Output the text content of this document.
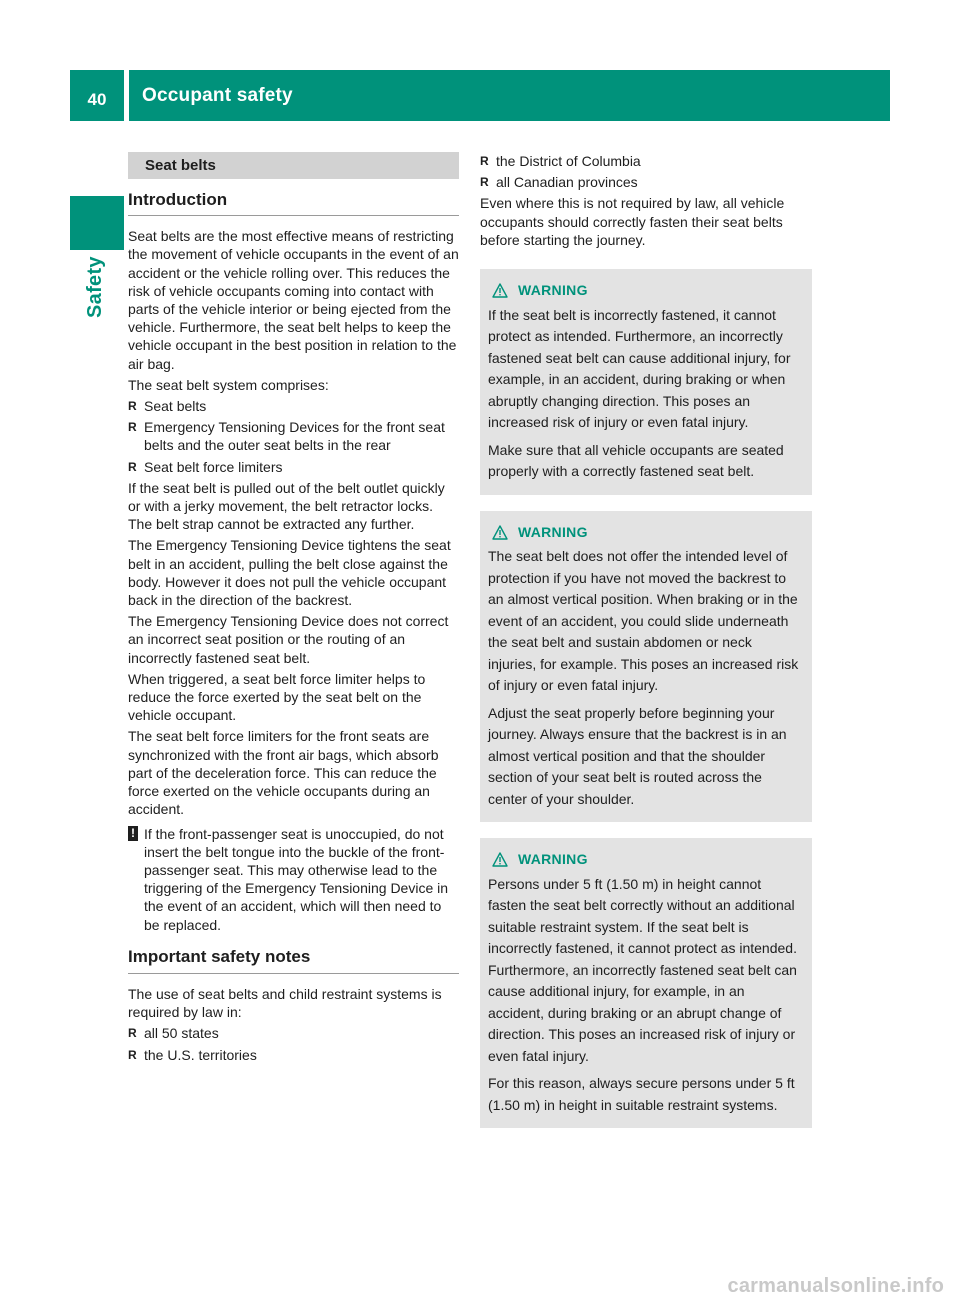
40	Occupant safety
Safety
Seat belts
Introduction

Seat belts are the most effective means of restricting the movement of vehicle occupants in the event of an accident or the vehicle rolling over. This reduces the risk of vehicle occupants coming into contact with parts of the vehicle interior or being ejected from the vehicle. Furthermore, the seat belt helps to keep the vehicle occupant in the best position in relation to the air bag.

The seat belt system comprises:

R Seat belts
R Emergency Tensioning Devices for the front seat belts and the outer seat belts in the rear
R Seat belt force limiters

If the seat belt is pulled out of the belt outlet quickly or with a jerky movement, the belt retractor locks. The belt strap cannot be extracted any further.

The Emergency Tensioning Device tightens the seat belt in an accident, pulling the belt close against the body. However it does not pull the vehicle occupant back in the direction of the backrest.

The Emergency Tensioning Device does not correct an incorrect seat position or the routing of an incorrectly fastened seat belt.

When triggered, a seat belt force limiter helps to reduce the force exerted by the seat belt on the vehicle occupant.

The seat belt force limiters for the front seats are synchronized with the front air bags, which absorb part of the deceleration force. This can reduce the force exerted on the vehicle occupants during an accident.

! If the front-passenger seat is unoccupied, do not insert the belt tongue into the buckle of the front-passenger seat. This may otherwise lead to the triggering of the Emergency Tensioning Device in the event of an accident, which will then need to be replaced.
Important safety notes

The use of seat belts and child restraint systems is required by law in:

R all 50 states
R the U.S. territories
R the District of Columbia
R all Canadian provinces

Even where this is not required by law, all vehicle occupants should correctly fasten their seat belts before starting the journey.

WARNING

If the seat belt is incorrectly fastened, it cannot protect as intended. Furthermore, an incorrectly fastened seat belt can cause additional injury, for example, in an accident, during braking or when abruptly changing direction. This poses an increased risk of injury or even fatal injury.

Make sure that all vehicle occupants are seated properly with a correctly fastened seat belt.

WARNING

The seat belt does not offer the intended level of protection if you have not moved the backrest to an almost vertical position. When braking or in the event of an accident, you could slide underneath the seat belt and sustain abdomen or neck injuries, for example. This poses an increased risk of injury or even fatal injury.

Adjust the seat properly before beginning your journey. Always ensure that the backrest is in an almost vertical position and that the shoulder section of your seat belt is routed across the center of your shoulder.

WARNING

Persons under 5 ft (1.50 m) in height cannot fasten the seat belt correctly without an additional suitable restraint system. If the seat belt is incorrectly fastened, it cannot protect as intended. Furthermore, an incorrectly fastened seat belt can cause additional injury, for example, in an accident, during braking or an abrupt change of direction. This poses an increased risk of injury or even fatal injury.

For this reason, always secure persons under 5 ft (1.50 m) in height in suitable restraint systems.

carmanualsonline.info
